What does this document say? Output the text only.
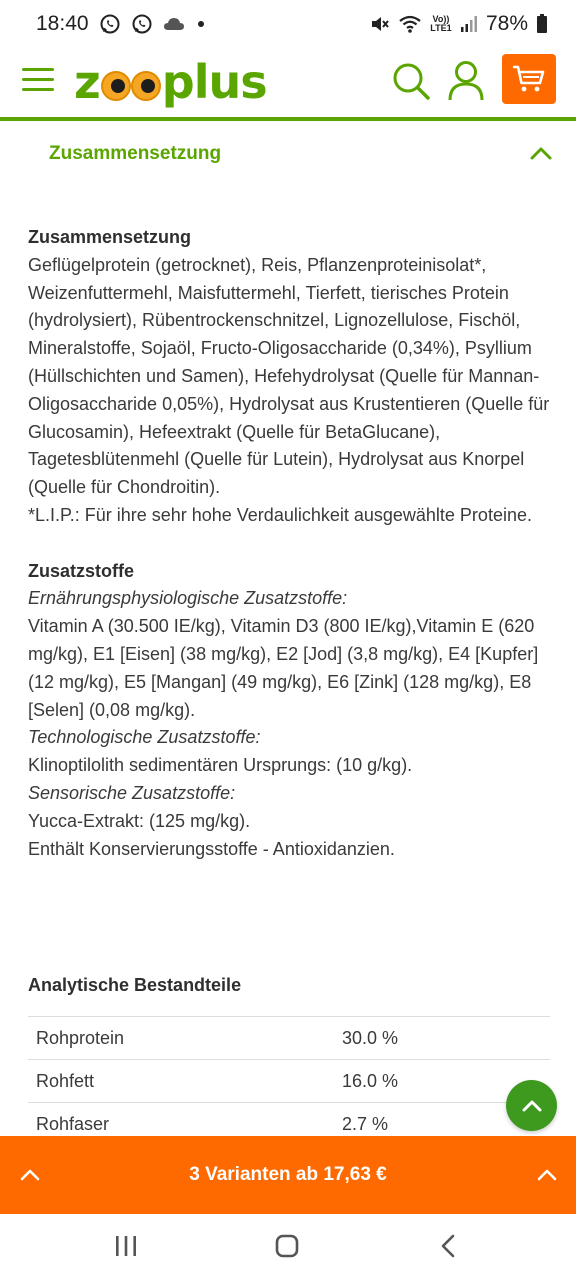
18:40	Vo)) LTE1 78%
z plus
Zusammensetzung
Zusammensetzung

Geflügelprotein (getrocknet), Reis, Pflanzenproteinisolat*, Weizenfuttermehl, Maisfuttermehl, Tierfett, tierisches Protein (hydrolysiert), Rübentrockenschnitzel, Lignozellulose, Fischöl, Mineralstoffe, Sojaöl, Fructo-Oligosaccharide (0,34%), Psyllium (Hüllschichten und Samen), Hefehydrolysat (Quelle für Mannan-Oligosaccharide 0,05%), Hydrolysat aus Krustentieren (Quelle für Glucosamin), Hefeextrakt (Quelle für BetaGlucane), Tagetesblütenmehl (Quelle für Lutein), Hydrolysat aus Knorpel (Quelle für Chondroitin).

*L.I.P.: Für ihre sehr hohe Verdaulichkeit ausgewählte Proteine.

Zusatzstoffe

Ernährungsphysiologische Zusatzstoffe:

Vitamin A (30.500 IE/kg), Vitamin D3 (800 IE/kg),Vitamin E (620 mg/kg), E1 [Eisen] (38 mg/kg), E2 [Jod] (3,8 mg/kg), E4 [Kupfer] (12 mg/kg), E5 [Mangan] (49 mg/kg), E6 [Zink] (128 mg/kg), E8 [Selen] (0,08 mg/kg).

Technologische Zusatzstoffe:

Klinoptilolith sedimentären Ursprungs: (10 g/kg).

Sensorische Zusatzstoffe:

Yucca-Extrakt: (125 mg/kg).

Enthält Konservierungsstoffe - Antioxidanzien.

Analytische Bestandteile
Rohprotein	30.0 %
Rohfett	16.0 %
Rohfaser	2.7 %
3 Varianten ab 17,63 €
